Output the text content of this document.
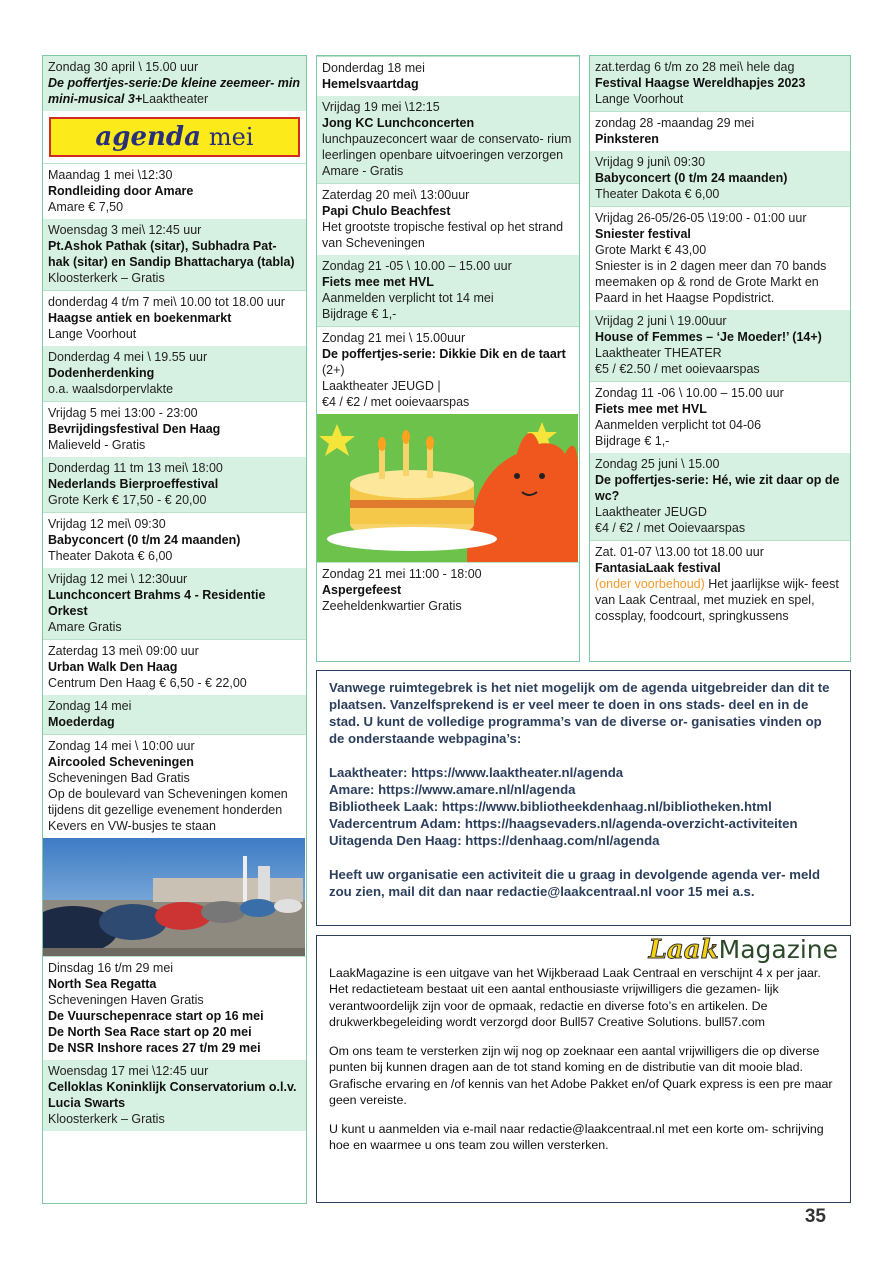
Zondag 30 april \ 15.00 uur
De poffertjes-serie:De kleine zeemeer- min mini-musical 3+Laaktheater
agenda mei
Maandag 1 mei \12:30
Rondleiding door Amare
Amare € 7,50
Woensdag 3 mei\ 12:45 uur
Pt.Ashok Pathak (sitar), Subhadra Pat- hak (sitar) en Sandip Bhattacharya (tabla)
Kloosterkerk – Gratis
donderdag 4 t/m 7 mei\ 10.00 tot 18.00 uur
Haagse antiek en boekenmarkt
Lange Voorhout
Donderdag 4 mei \ 19.55 uur
Dodenherdenking
o.a. waalsdorpervlakte
Vrijdag 5 mei 13:00 - 23:00
Bevrijdingsfestival Den Haag
Malieveld - Gratis
Donderdag 11 tm 13 mei\ 18:00
Nederlands Bierproeffestival
Grote Kerk € 17,50 - € 20,00
Vrijdag 12 mei\ 09:30
Babyconcert (0 t/m 24 maanden)
Theater Dakota € 6,00
Vrijdag 12 mei \ 12:30uur
Lunchconcert Brahms 4 - Residentie Orkest
Amare Gratis
Zaterdag 13 mei\ 09:00 uur
Urban Walk Den Haag
Centrum Den Haag € 6,50 - € 22,00
Zondag 14 mei
Moederdag
Zondag 14 mei \ 10:00 uur
Aircooled Scheveningen
Scheveningen Bad Gratis
Op de boulevard van Scheveningen komen tijdens dit gezellige evenement honderden Kevers en VW-busjes te staan
Dinsdag 16 t/m 29 mei
North Sea Regatta
Scheveningen Haven Gratis
De Vuurschepenrace start op 16 mei
De North Sea Race start op 20 mei
De NSR Inshore races 27 t/m 29 mei
Woensdag 17 mei \12:45 uur
Celloklas Koninklijk Conservatorium o.l.v. Lucia Swarts
Kloosterkerk – Gratis
Donderdag 18 mei
Hemelsvaartdag
Vrijdag 19 mei \12:15
Jong KC Lunchconcerten
lunchpauzeconcert waar de conservato- rium leerlingen openbare uitvoeringen verzorgen
Amare - Gratis
Zaterdag 20 mei\ 13:00uur
Papi Chulo Beachfest
Het grootste tropische festival op het strand van Scheveningen
Zondag 21 -05 \ 10.00 – 15.00 uur
Fiets mee met HVL
Aanmelden verplicht tot 14 mei
Bijdrage € 1,-
Zondag 21 mei \ 15.00uur
De poffertjes-serie: Dikkie Dik en de taart (2+)
Laaktheater JEUGD |
€4 / €2 / met ooievaarspas
Zondag 21 mei 11:00 - 18:00
Aspergefeest
Zeeheldenkwartier Gratis
zat.terdag 6 t/m zo 28 mei\ hele dag
Festival Haagse Wereldhapjes 2023
Lange Voorhout
zondag 28 -maandag 29 mei
Pinksteren
Vrijdag 9 juni\ 09:30
Babyconcert (0 t/m 24 maanden)
Theater Dakota € 6,00
Vrijdag 26-05/26-05 \19:00 - 01:00 uur
Sniester festival
Grote Markt € 43,00
Sniester is in 2 dagen meer dan 70 bands meemaken op & rond de Grote Markt en Paard in het Haagse Popdistrict.
Vrijdag 2 juni \ 19.00uur
House of Femmes – ‘Je Moeder!’ (14+)
Laaktheater THEATER
€5 / €2.50 / met ooievaarspas
Zondag 11 -06 \ 10.00 – 15.00 uur
Fiets mee met HVL
Aanmelden verplicht tot 04-06
Bijdrage € 1,-
Zondag 25 juni \ 15.00
De poffertjes-serie: Hé, wie zit daar op de wc?
Laaktheater JEUGD
€4 / €2 / met Ooievaarspas
Zat. 01-07 \13.00 tot 18.00 uur
FantasiaLaak festival
(onder voorbehoud) Het jaarlijkse wijk- feest van Laak Centraal, met muziek en spel, cossplay, foodcourt, springkussens

Vanwege ruimtegebrek is het niet mogelijk om de agenda uitgebreider dan dit te plaatsen. Vanzelfsprekend is er veel meer te doen in ons stads- deel en in de stad. U kunt de volledige programma’s van de diverse or- ganisaties vinden op de onderstaande webpagina’s:

Laaktheater: https://www.laaktheater.nl/agenda

Amare: https://www.amare.nl/nl/agenda

Bibliotheek Laak: https://www.bibliotheekdenhaag.nl/bibliotheken.html

Vadercentrum Adam: https://haagsevaders.nl/agenda-overzicht-activiteiten

Uitagenda Den Haag: https://denhaag.com/nl/agenda

Heeft uw organisatie een activiteit die u graag in devolgende agenda ver- meld zou zien, mail dit dan naar redactie@laakcentraal.nl voor 15 mei a.s.

LaakMagazine

LaakMagazine is een uitgave van het Wijkberaad Laak Centraal en verschijnt 4 x per jaar. Het redactieteam bestaat uit een aantal enthousiaste vrijwilligers die gezamen- lijk verantwoordelijk zijn voor de opmaak, redactie en diverse foto’s en artikelen. De drukwerkbegeleiding wordt verzorgd door Bull57 Creative Solutions. bull57.com

Om ons team te versterken zijn wij nog op zoeknaar een aantal vrijwilligers die op diverse punten bij kunnen dragen aan de tot stand koming en de distributie van dit mooie blad. Grafische ervaring en /of kennis van het Adobe Pakket en/of Quark express is een pre maar geen vereiste.

U kunt u aanmelden via e-mail naar redactie@laakcentraal.nl met een korte om- schrijving hoe en waarmee u ons team zou willen versterken.

35
